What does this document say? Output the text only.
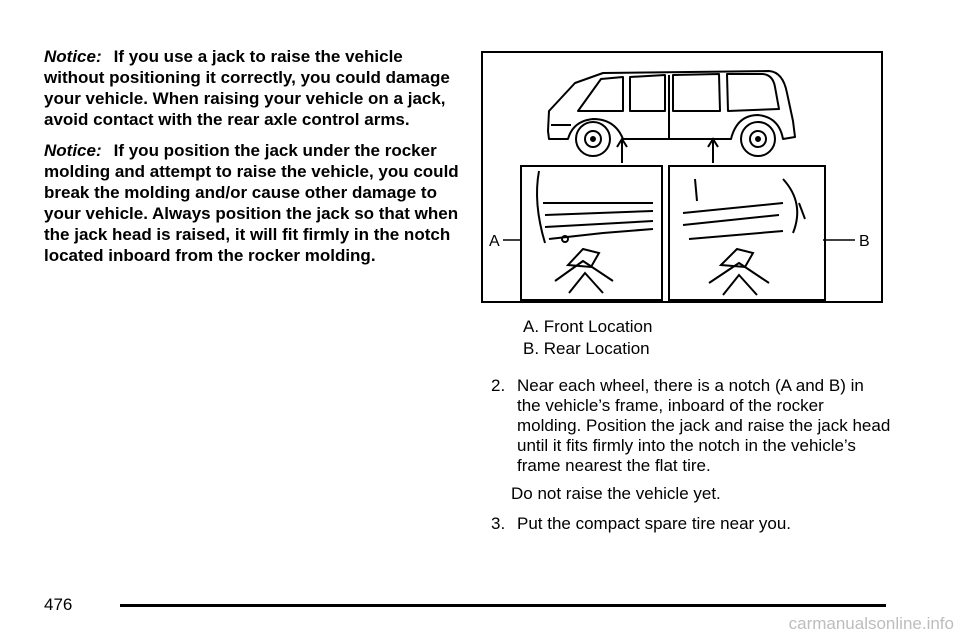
Notice: If you use a jack to raise the vehicle without positioning it correctly, you could damage your vehicle. When raising your vehicle on a jack, avoid contact with the rear axle control arms.

Notice: If you position the jack under the rocker molding and attempt to raise the vehicle, you could break the molding and/or cause other damage to your vehicle. Always position the jack so that when the jack head is raised, it will fit firmly in the notch located inboard from the rocker molding.

A	B
A. Front Location
B. Rear Location
2. Near each wheel, there is a notch (A and B) in the vehicle’s frame, inboard of the rocker molding. Position the jack and raise the jack head until it fits firmly into the notch in the vehicle’s frame nearest the flat tire.
Do not raise the vehicle yet.
3. Put the compact spare tire near you.
476
carmanualsonline.info
